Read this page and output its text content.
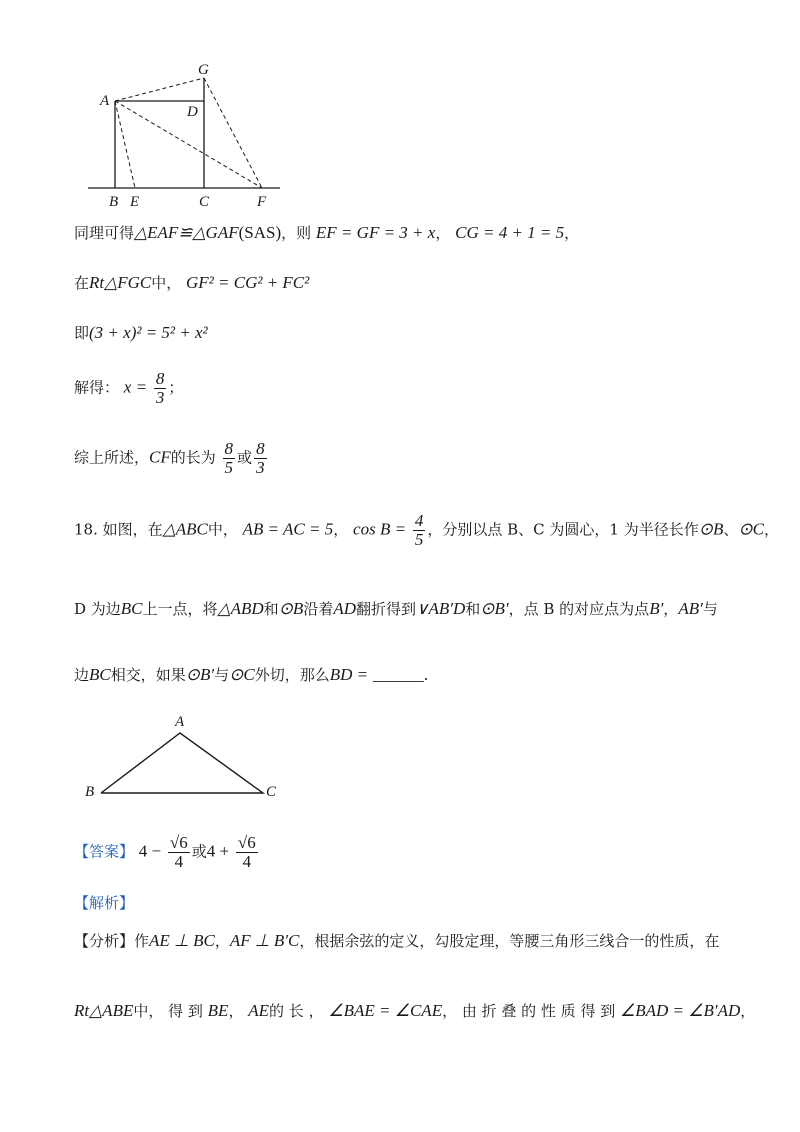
A
G
D
B E	C	F
同理可得△EAF≌△GAF(SAS)，则 EF = GF = 3 + x， CG = 4 + 1 = 5，
在Rt△FGC中， GF² = CG² + FC²
即(3 + x)² = 5² + x²
解得： $x = \frac{8}{3}$ ；
综上所述，CF的长为 $\frac{8}{5}$ 或 $\frac{8}{3}$
18. 如图，在△ABC中， AB = AC = 5， $\cos B = \frac{4}{5}$ ，分别以点 B、C 为圆心，1 为半径长作⊙B、⊙C，
D 为边BC上一点，将△ABD和⊙B沿着AD翻折得到∨AB′D和⊙B′，点 B 的对应点为点B′，AB′与
边BC相交，如果⊙B′与⊙C外切，那么BD = ______.
A
B	C
【答案】 $4 - \frac{√6}{4}$ 或$4 + \frac{√6}{4}$
【解析】
【分析】作AE ⊥ BC，AF ⊥ B′C，根据余弦的定义，勾股定理，等腰三角形三线合一的性质，在
Rt△ABE中， 得 到 BE， AE的 长 ， ∠BAE = ∠CAE， 由 折 叠 的 性 质 得 到 ∠BAD = ∠B′AD，
